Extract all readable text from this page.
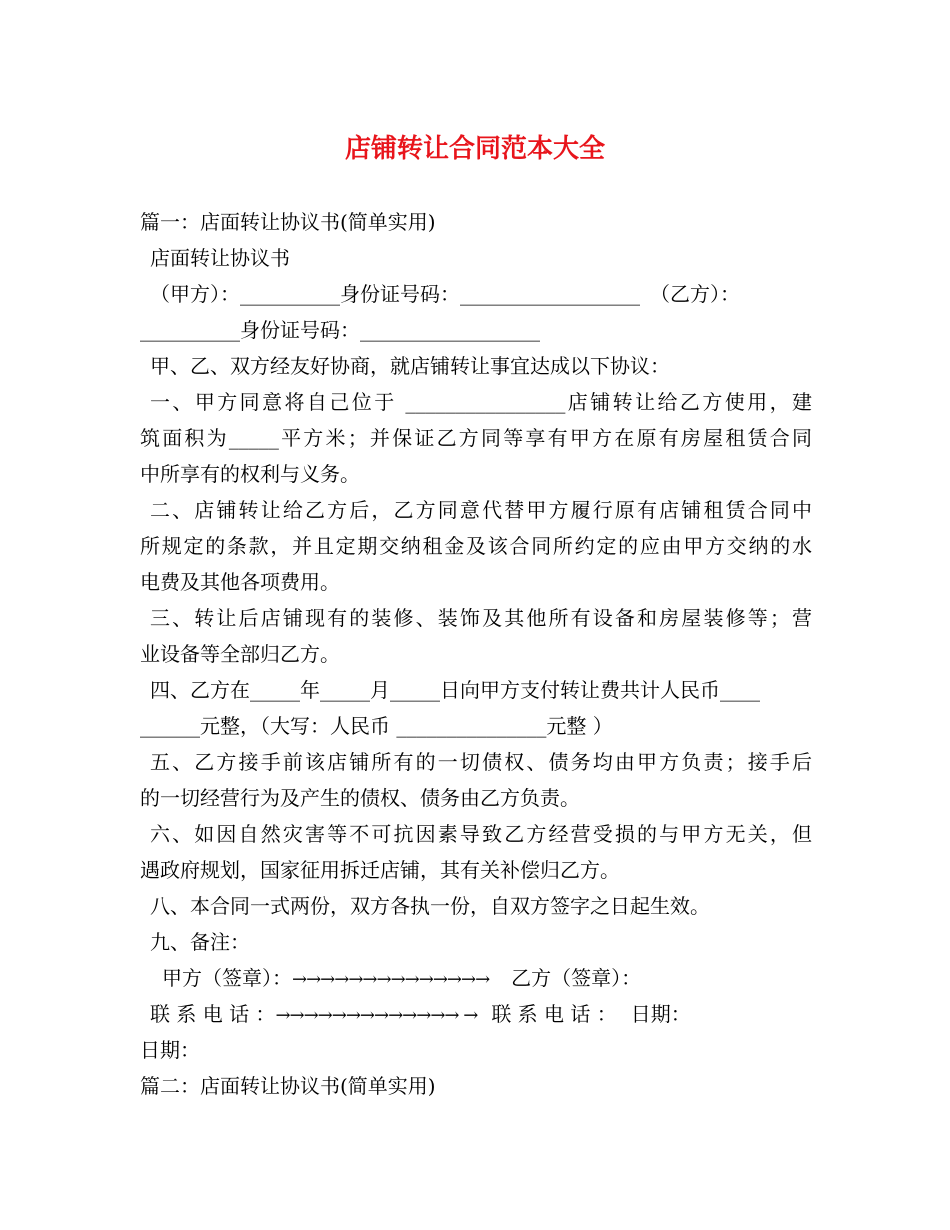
店铺转让合同范本大全
篇一：店面转让协议书(简单实用)
店面转让协议书
（甲方）：__________身份证号码：__________________　（乙方）：
__________身份证号码：__________________
甲、乙、双方经友好协商，就店铺转让事宜达成以下协议：
一、甲方同意将自己位于 ________________店铺转让给乙方使用，建
筑面积为_____平方米；并保证乙方同等享有甲方在原有房屋租赁合同
中所享有的权利与义务。
二、店铺转让给乙方后，乙方同意代替甲方履行原有店铺租赁合同中
所规定的条款，并且定期交纳租金及该合同所约定的应由甲方交纳的水
电费及其他各项费用。
三、转让后店铺现有的装修、装饰及其他所有设备和房屋装修等；营
业设备等全部归乙方。
四、乙方在_____年_____月_____日向甲方支付转让费共计人民币____
______元整，（大写：人民币 _______________元整 ）
五、乙方接手前该店铺所有的一切债权、债务均由甲方负责；接手后
的一切经营行为及产生的债权、债务由乙方负责。
六、如因自然灾害等不可抗因素导致乙方经营受损的与甲方无关，但
遇政府规划，国家征用拆迁店铺，其有关补偿归乙方。
八、本合同一式两份，双方各执一份，自双方签字之日起生效。
九、备注：
甲方（签章）：→→→→→→→→→→→→→→ 乙方（签章）：
联 系 电 话 ：→→→→→→→→→→→→→ → 联 系 电 话 ： 日期：
日期：
篇二：店面转让协议书(简单实用)
